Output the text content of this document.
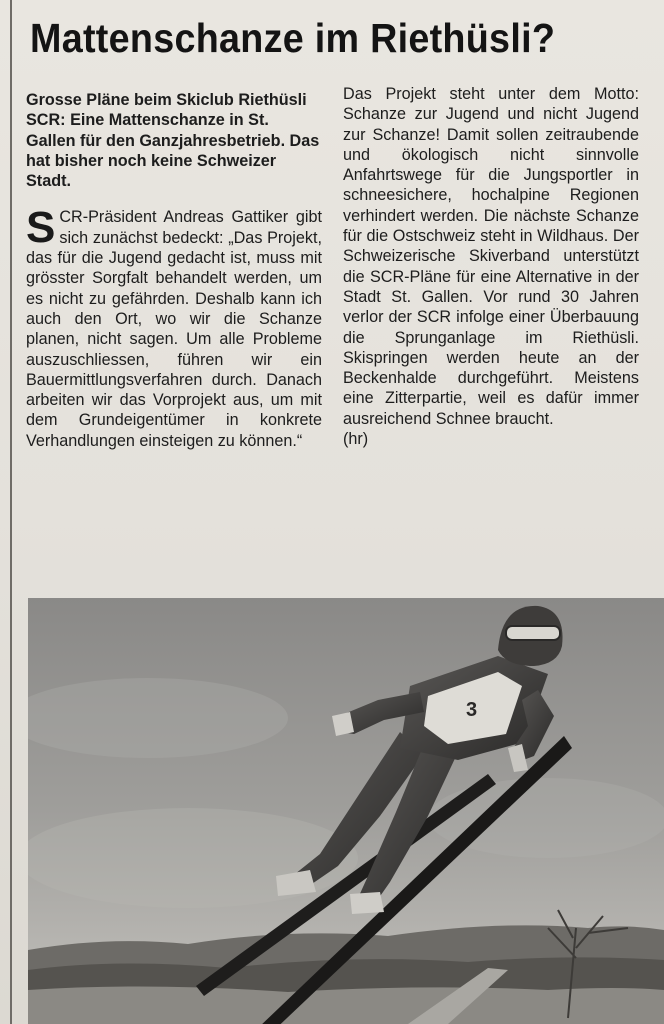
Mattenschanze im Riethüsli?

Grosse Pläne beim Skiclub Riethüsli SCR: Eine Mattenschanze in St. Gallen für den Ganzjahresbetrieb. Das hat bisher noch keine Schweizer Stadt.

SCR-Präsident Andreas Gattiker gibt sich zunächst bedeckt: „Das Projekt, das für die Jugend gedacht ist, muss mit grösster Sorgfalt behandelt werden, um es nicht zu gefährden. Deshalb kann ich auch den Ort, wo wir die Schanze planen, nicht sagen. Um alle Probleme auszuschliessen, führen wir ein Bauermittlungsverfahren durch. Danach arbeiten wir das Vorprojekt aus, um mit dem Grundeigentümer in konkrete Verhandlungen einsteigen zu können.“

Das Projekt steht unter dem Motto: Schanze zur Jugend und nicht Jugend zur Schanze! Damit sollen zeitraubende und ökologisch nicht sinnvolle Anfahrtswege für die Jungsportler in schneesichere, hochalpine Regionen verhindert werden. Die nächste Schanze für die Ostschweiz steht in Wildhaus. Der Schweizerische Skiverband unterstützt die SCR-Pläne für eine Alternative in der Stadt St. Gallen. Vor rund 30 Jahren verlor der SCR infolge einer Überbauung die Sprunganlage im Riethüsli. Skispringen werden heute an der Beckenhalde durchgeführt. Meistens eine Zitterpartie, weil es dafür immer ausreichend Schnee braucht.

(hr)

3
